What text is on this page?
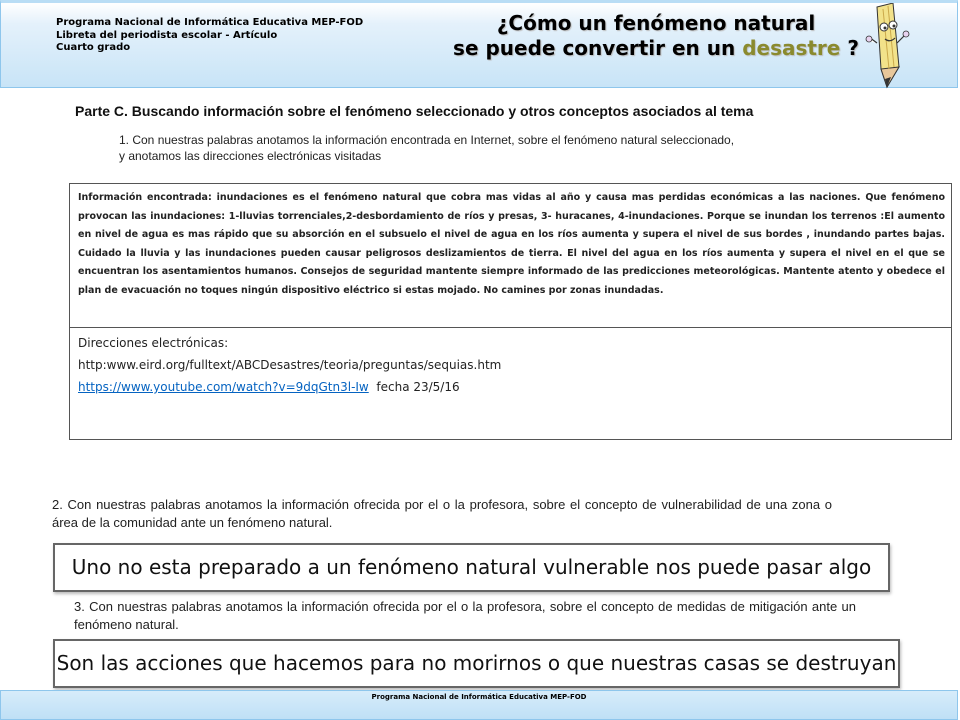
Programa Nacional de Informática Educativa MEP-FOD
Libreta del periodista escolar - Artículo
Cuarto grado
¿Cómo un fenómeno natural
se puede convertir en un desastre ?
Parte C. Buscando información sobre el fenómeno seleccionado y otros conceptos asociados al tema
1. Con nuestras palabras anotamos la información encontrada en Internet, sobre el fenómeno natural seleccionado,
y anotamos las direcciones electrónicas visitadas
Información encontrada: inundaciones es el fenómeno natural que cobra mas vidas al año y causa mas perdidas económicas a las naciones. Que fenómeno provocan las inundaciones: 1-lluvias torrenciales,2-desbordamiento de ríos y presas, 3- huracanes, 4-inundaciones. Porque se inundan los terrenos :El aumento en nivel de agua es mas rápido que su absorción en el subsuelo el nivel de agua en los ríos aumenta y supera el nivel de sus bordes , inundando partes bajas. Cuidado la lluvia y las inundaciones pueden causar peligrosos deslizamientos de tierra. El nivel del agua en los ríos aumenta y supera el nivel en el que se encuentran los asentamientos humanos. Consejos de seguridad mantente siempre informado de las predicciones meteorológicas. Mantente atento y obedece el plan de evacuación no toques ningún dispositivo eléctrico si estas mojado. No camines por zonas inundadas.
Direcciones electrónicas:
http:www.eird.org/fulltext/ABCDesastres/teoria/preguntas/sequias.htm
https://www.youtube.com/watch?v=9dqGtn3l-Iw  fecha 23/5/16
2. Con nuestras palabras anotamos la información ofrecida por el o la profesora, sobre el concepto de vulnerabilidad de una zona o área de la comunidad ante un fenómeno natural.
Uno no esta preparado a un fenómeno natural vulnerable nos puede pasar algo
3. Con nuestras palabras anotamos la información ofrecida por el o la profesora, sobre el concepto de medidas de mitigación ante un fenómeno natural.
Son las acciones que hacemos para no morirnos o que nuestras casas se destruyan
Programa Nacional de Informática Educativa MEP-FOD
